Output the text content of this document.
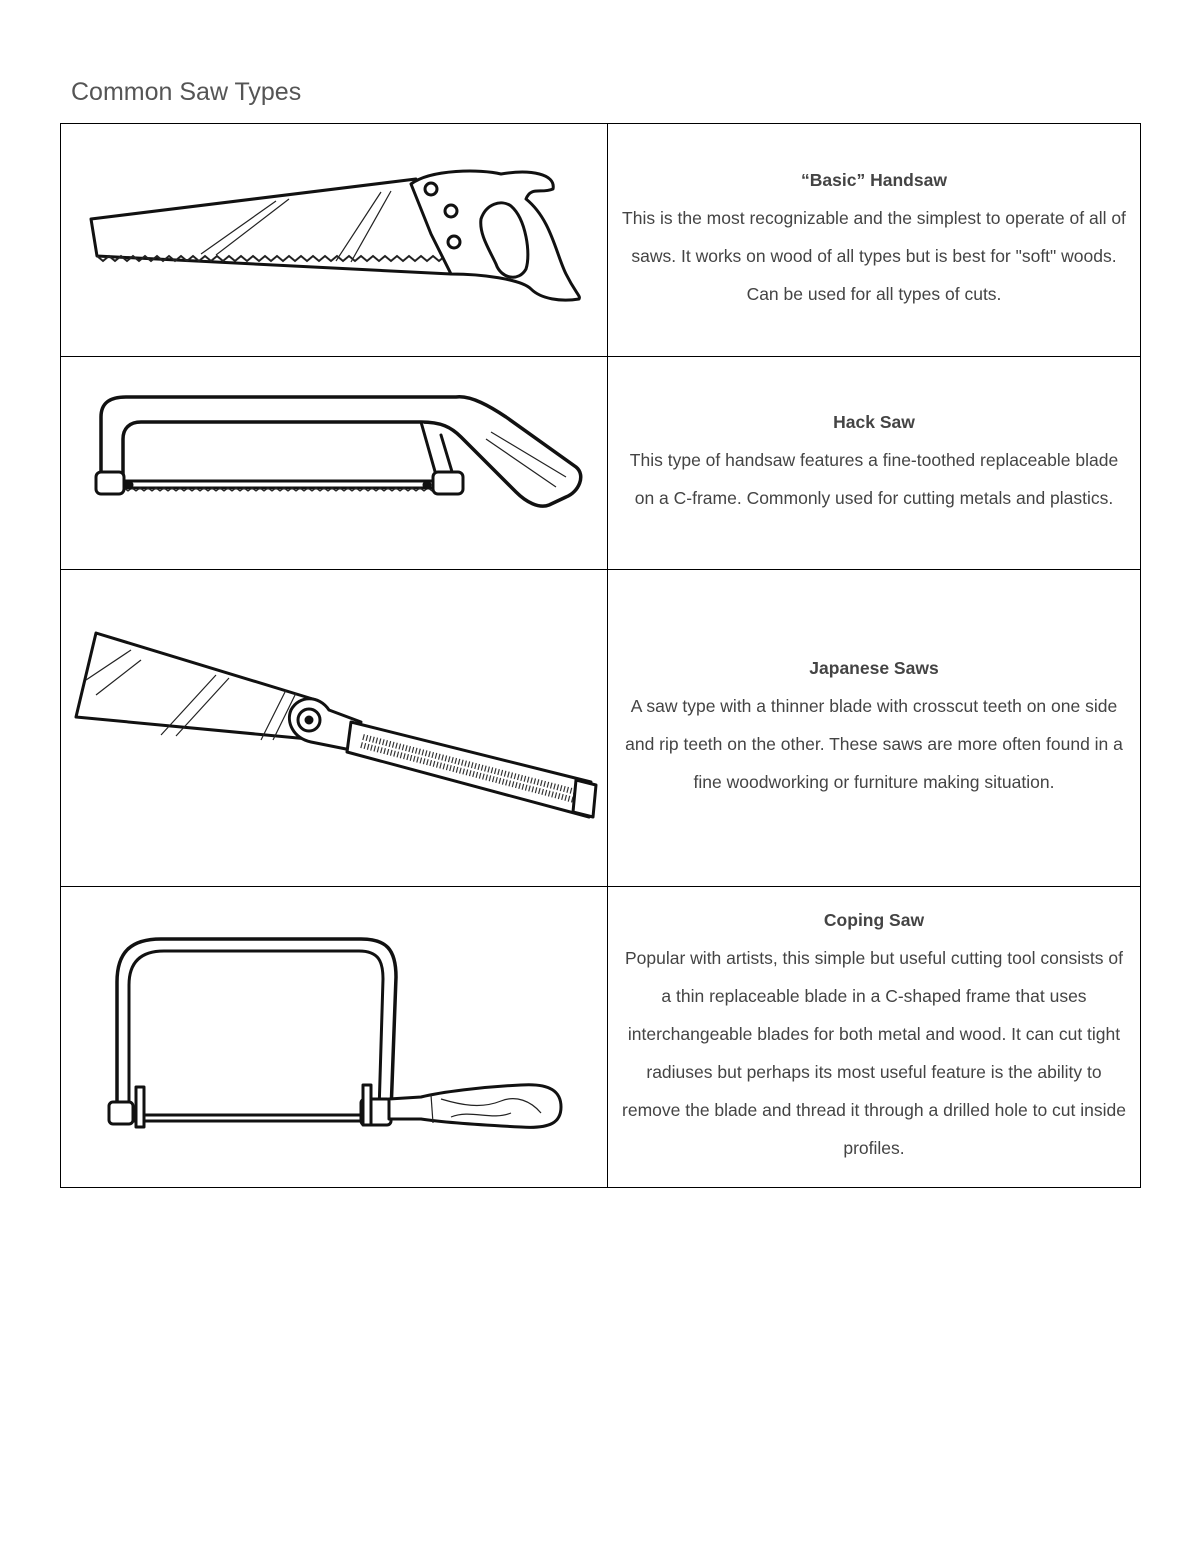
Common Saw Types

“Basic” Handsaw

This is the most recognizable and the simplest to operate of all of saws. It works on wood of all types but is best for "soft" woods. Can be used for all types of cuts.

Hack Saw

This type of handsaw features a fine-toothed replaceable blade on a C-frame. Commonly used for cutting metals and plastics.

Japanese Saws

A saw type with a thinner blade with crosscut teeth on one side and rip teeth on the other. These saws are more often found in a fine woodworking or furniture making situation.

Coping Saw

Popular with artists, this simple but useful cutting tool consists of a thin replaceable blade in a C-shaped frame that uses interchangeable blades for both metal and wood. It can cut tight radiuses but perhaps its most useful feature is the ability to remove the blade and thread it through a drilled hole to cut inside profiles.
